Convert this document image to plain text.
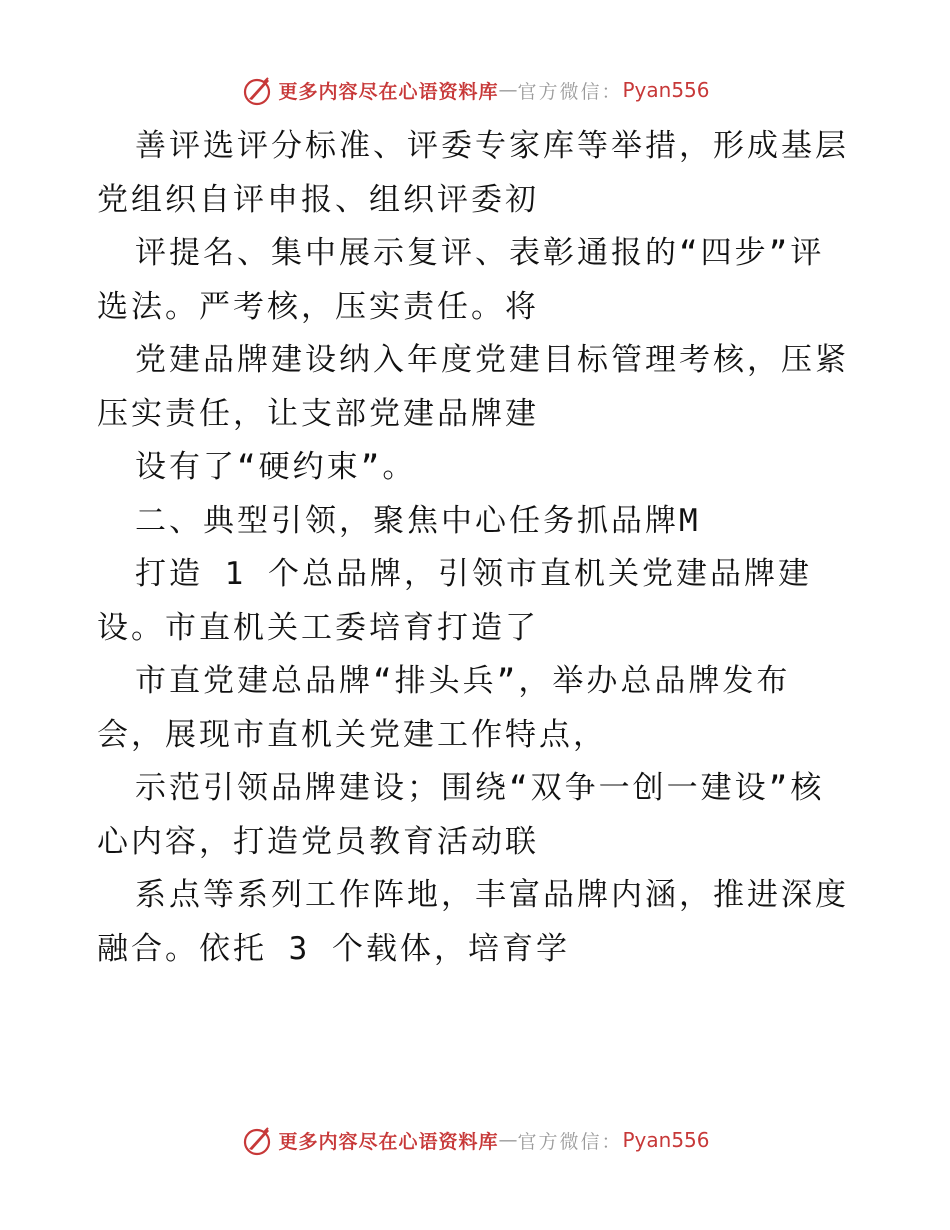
更多内容尽在心语资料库 — 官方微信： Pyan556
善评选评分标准、评委专家库等举措，形成基层
党组织自评申报、组织评委初
评提名、集中展示复评、表彰通报的“四步”评
选法。严考核，压实责任。将
党建品牌建设纳入年度党建目标管理考核，压紧
压实责任，让支部党建品牌建
设有了“硬约束”。
二、典型引领，聚焦中心任务抓品牌M
打造 1 个总品牌，引领市直机关党建品牌建
设。市直机关工委培育打造了
市直党建总品牌“排头兵”，举办总品牌发布
会，展现市直机关党建工作特点，
示范引领品牌建设；围绕“双争一创一建设”核
心内容，打造党员教育活动联
系点等系列工作阵地，丰富品牌内涵，推进深度
融合。依托 3 个载体，培育学
更多内容尽在心语资料库 — 官方微信： Pyan556
